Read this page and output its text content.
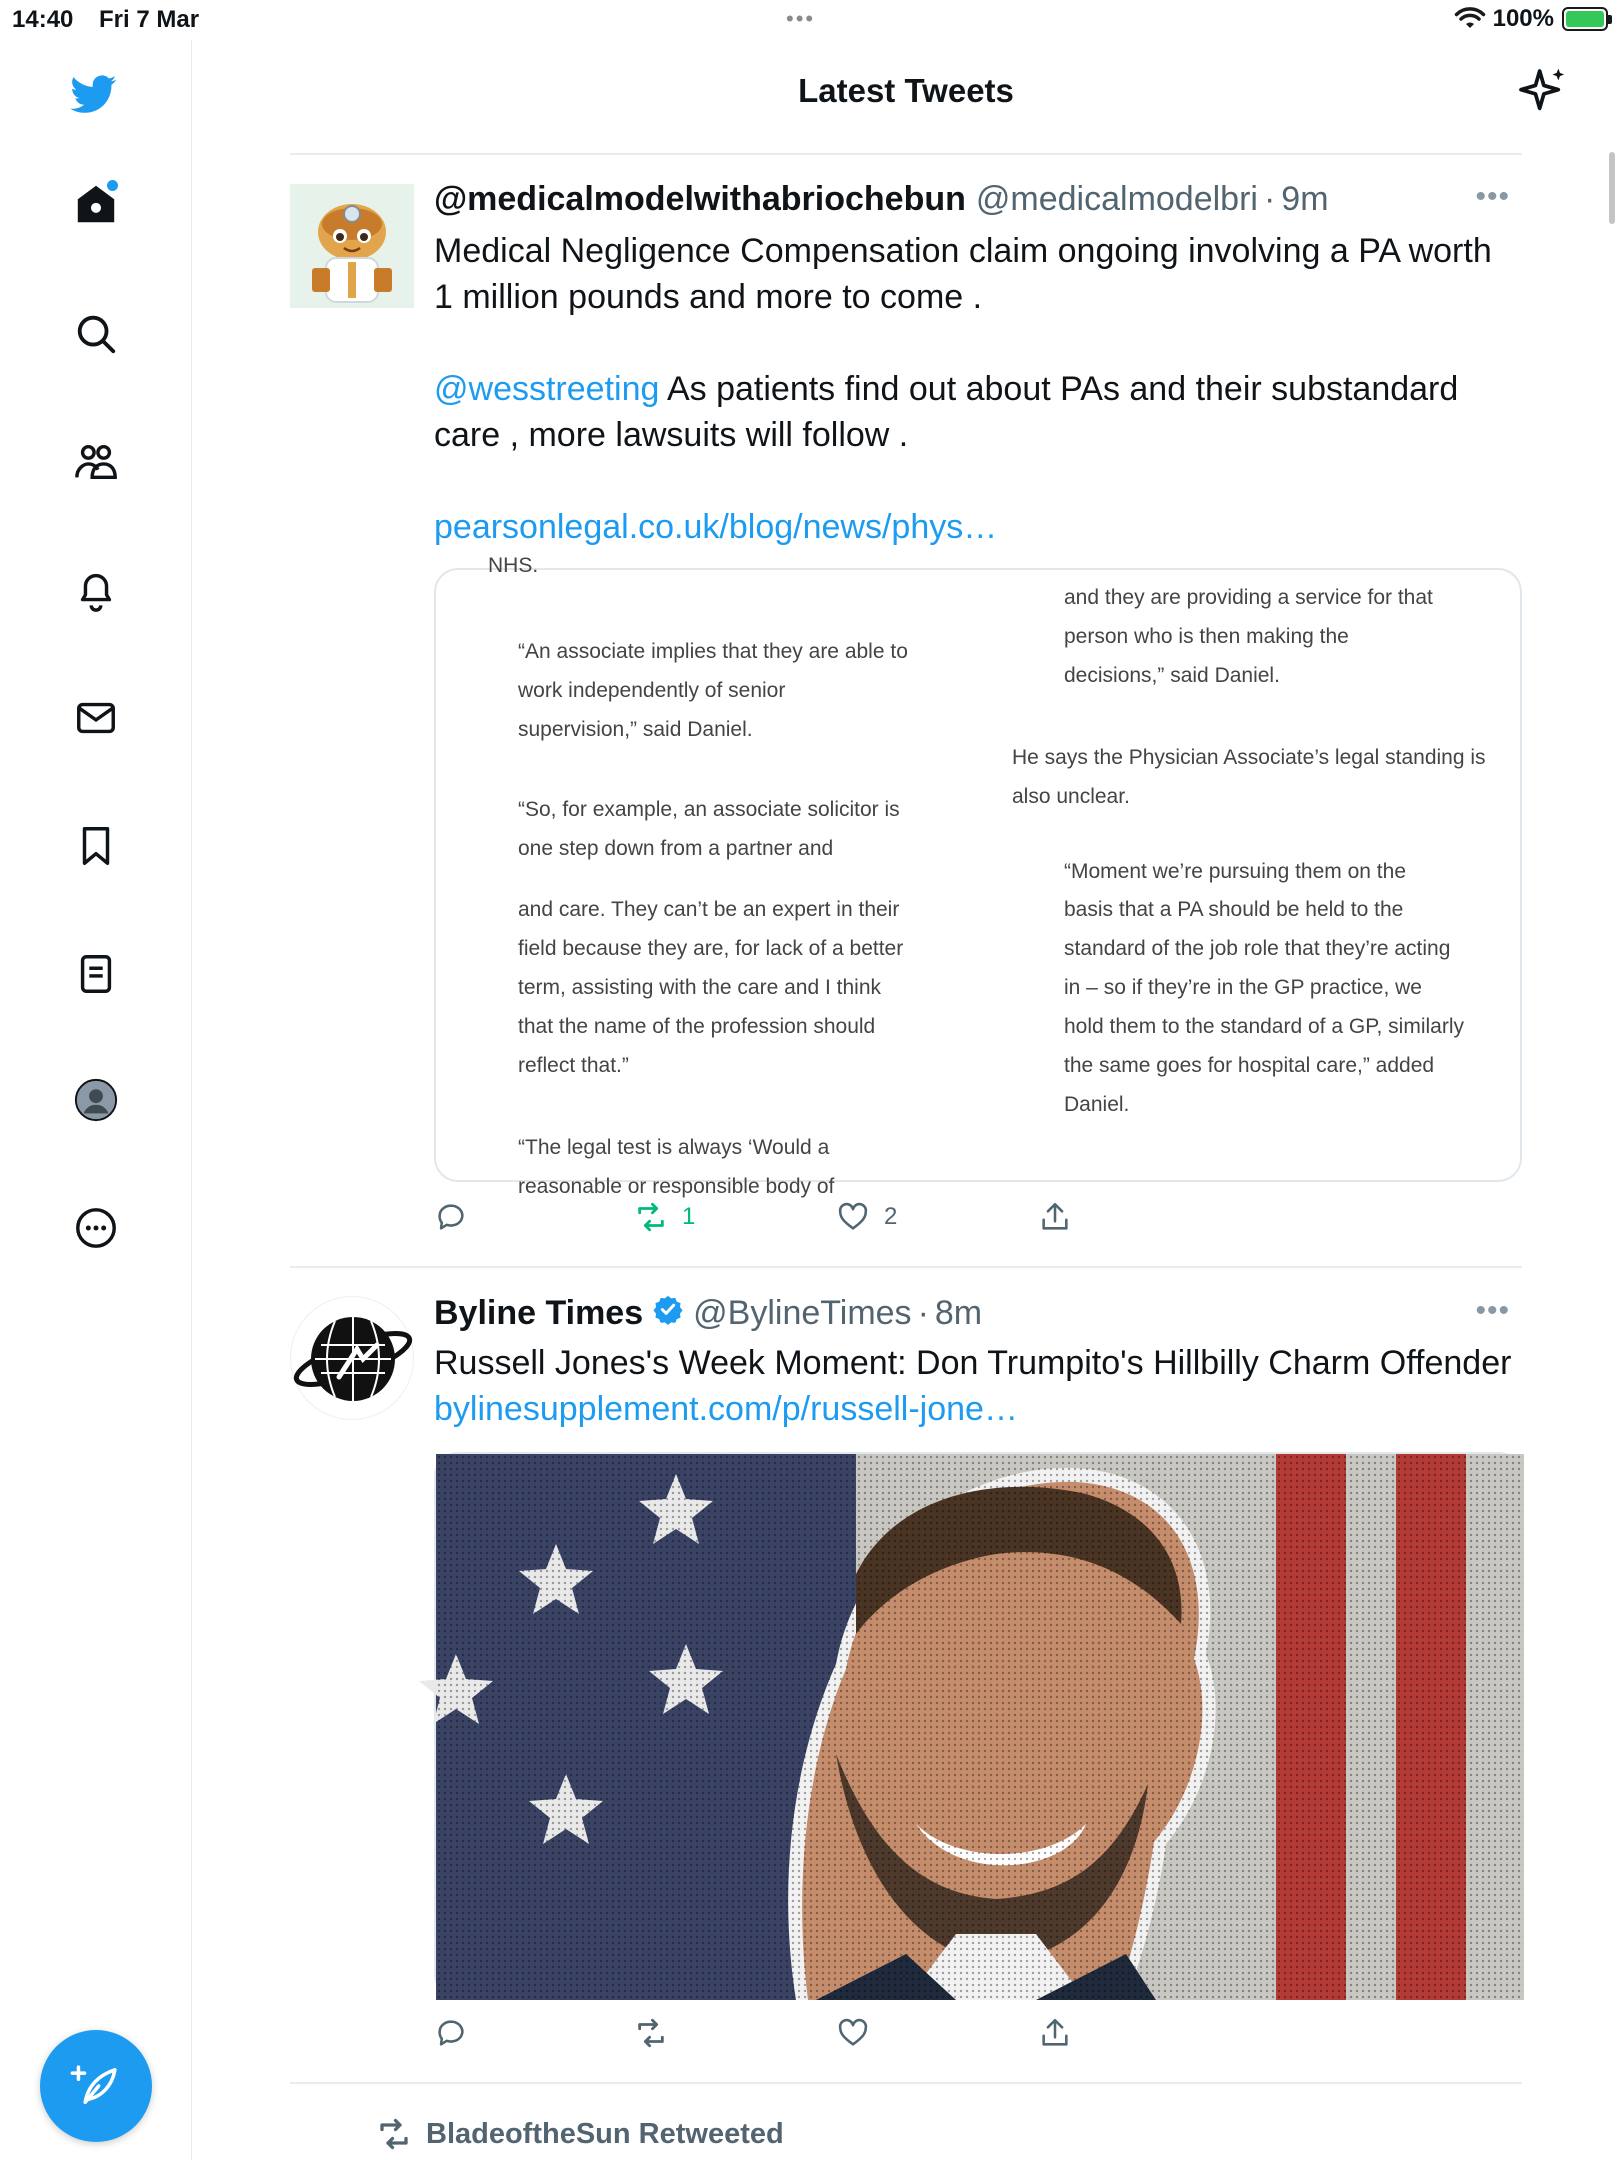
14:40 Fri 7 Mar	•••	100%
Latest Tweets
@medicalmodelwithabriochebun @medicalmodelbri · 9m	•••
Medical Negligence Compensation claim ongoing involving a PA worth 1 million pounds and more to come .
@wesstreeting As patients find out about PAs and their substandard care , more lawsuits will follow .
pearsonlegal.co.uk/blog/news/phys…
NHS.
“An associate implies that they are able to work independently of senior supervision,” said Daniel.
“So, for example, an associate solicitor is one step down from a partner and
and care. They can’t be an expert in their field because they are, for lack of a better term, assisting with the care and I think that the name of the profession should reflect that.”
“The legal test is always ‘Would a reasonable or responsible body of
and they are providing a service for that person who is then making the decisions,” said Daniel.
He says the Physician Associate’s legal standing is also unclear.
“Moment we’re pursuing them on the
basis that a PA should be held to the standard of the job role that they’re acting in – so if they’re in the GP practice, we hold them to the standard of a GP, similarly the same goes for hospital care,” added Daniel.
1	2
Byline Times @BylineTimes · 8m	•••
Russell Jones's Week Moment: Don Trumpito's Hillbilly Charm Offender
bylinesupplement.com/p/russell-jone…
BladeoftheSun Retweeted
